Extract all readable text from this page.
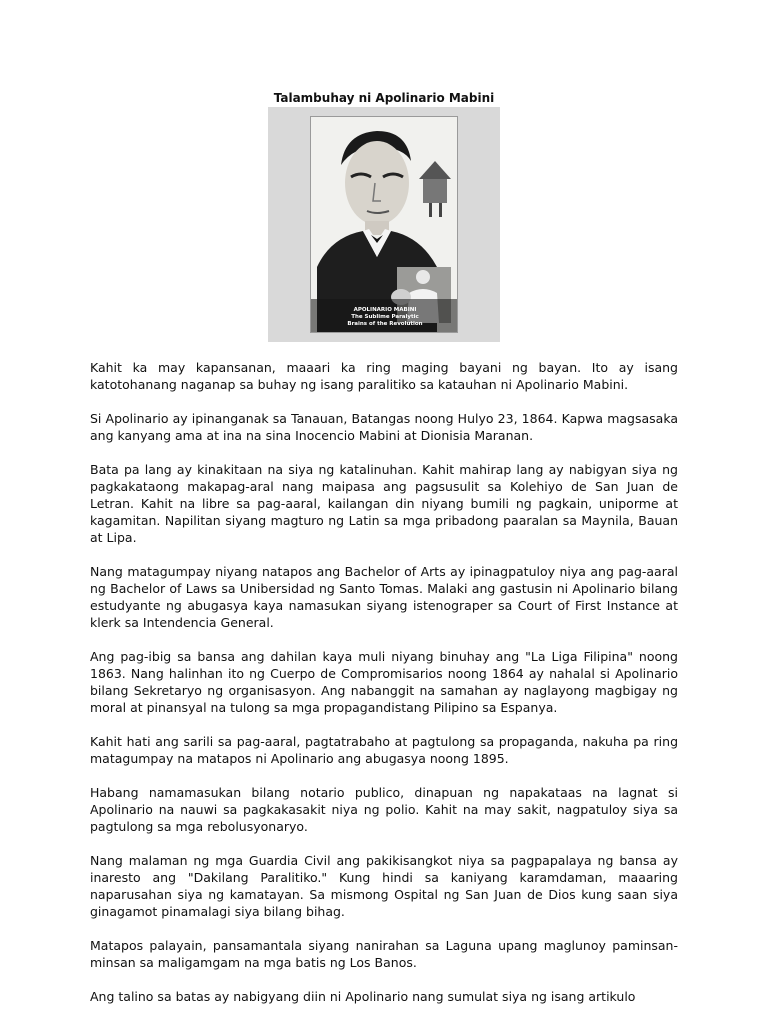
Talambuhay ni Apolinario Mabini
APOLINARIO MABINI
The Sublime Paralytic
Brains of the Revolution

Kahit ka may kapansanan, maaari ka ring maging bayani ng bayan. Ito ay isang katotohanang naganap sa buhay ng isang paralitiko sa katauhan ni Apolinario Mabini.

Si Apolinario ay ipinanganak sa Tanauan, Batangas noong Hulyo 23, 1864. Kapwa magsasaka ang kanyang ama at ina na sina Inocencio Mabini at Dionisia Maranan.

Bata pa lang ay kinakitaan na siya ng katalinuhan. Kahit mahirap lang ay nabigyan siya ng pagkakataong makapag-aral nang maipasa ang pagsusulit sa Kolehiyo de San Juan de Letran. Kahit na libre sa pag-aaral, kailangan din niyang bumili ng pagkain, uniporme at kagamitan. Napilitan siyang magturo ng Latin sa mga pribadong paaralan sa Maynila, Bauan at Lipa.

Nang matagumpay niyang natapos ang Bachelor of Arts ay ipinagpatuloy niya ang pag-aaral ng Bachelor of Laws sa Unibersidad ng Santo Tomas. Malaki ang gastusin ni Apolinario bilang estudyante ng abugasya kaya namasukan siyang istenograper sa Court of First Instance at klerk sa Intendencia General.

Ang pag-ibig sa bansa ang dahilan kaya muli niyang binuhay ang "La Liga Filipina" noong 1863. Nang halinhan ito ng Cuerpo de Compromisarios noong 1864 ay nahalal si Apolinario bilang Sekretaryo ng organisasyon. Ang nabanggit na samahan ay naglayong magbigay ng moral at pinansyal na tulong sa mga propagandistang Pilipino sa Espanya.

Kahit hati ang sarili sa pag-aaral, pagtatrabaho at pagtulong sa propaganda, nakuha pa ring matagumpay na matapos ni Apolinario ang abugasya noong 1895.

Habang namamasukan bilang notario publico, dinapuan ng napakataas na lagnat si Apolinario na nauwi sa pagkakasakit niya ng polio. Kahit na may sakit, nagpatuloy siya sa pagtulong sa mga rebolusyonaryo.

Nang malaman ng mga Guardia Civil ang pakikisangkot niya sa pagpapalaya ng bansa ay inaresto ang "Dakilang Paralitiko." Kung hindi sa kaniyang karamdaman, maaaring naparusahan siya ng kamatayan. Sa mismong Ospital ng San Juan de Dios kung saan siya ginagamot pinamalagi siya bilang bihag.

Matapos palayain, pansamantala siyang nanirahan sa Laguna upang maglunoy paminsan-minsan sa maligamgam na mga batis ng Los Banos.

Ang talino sa batas ay nabigyang diin ni Apolinario nang sumulat siya ng isang artikulo
